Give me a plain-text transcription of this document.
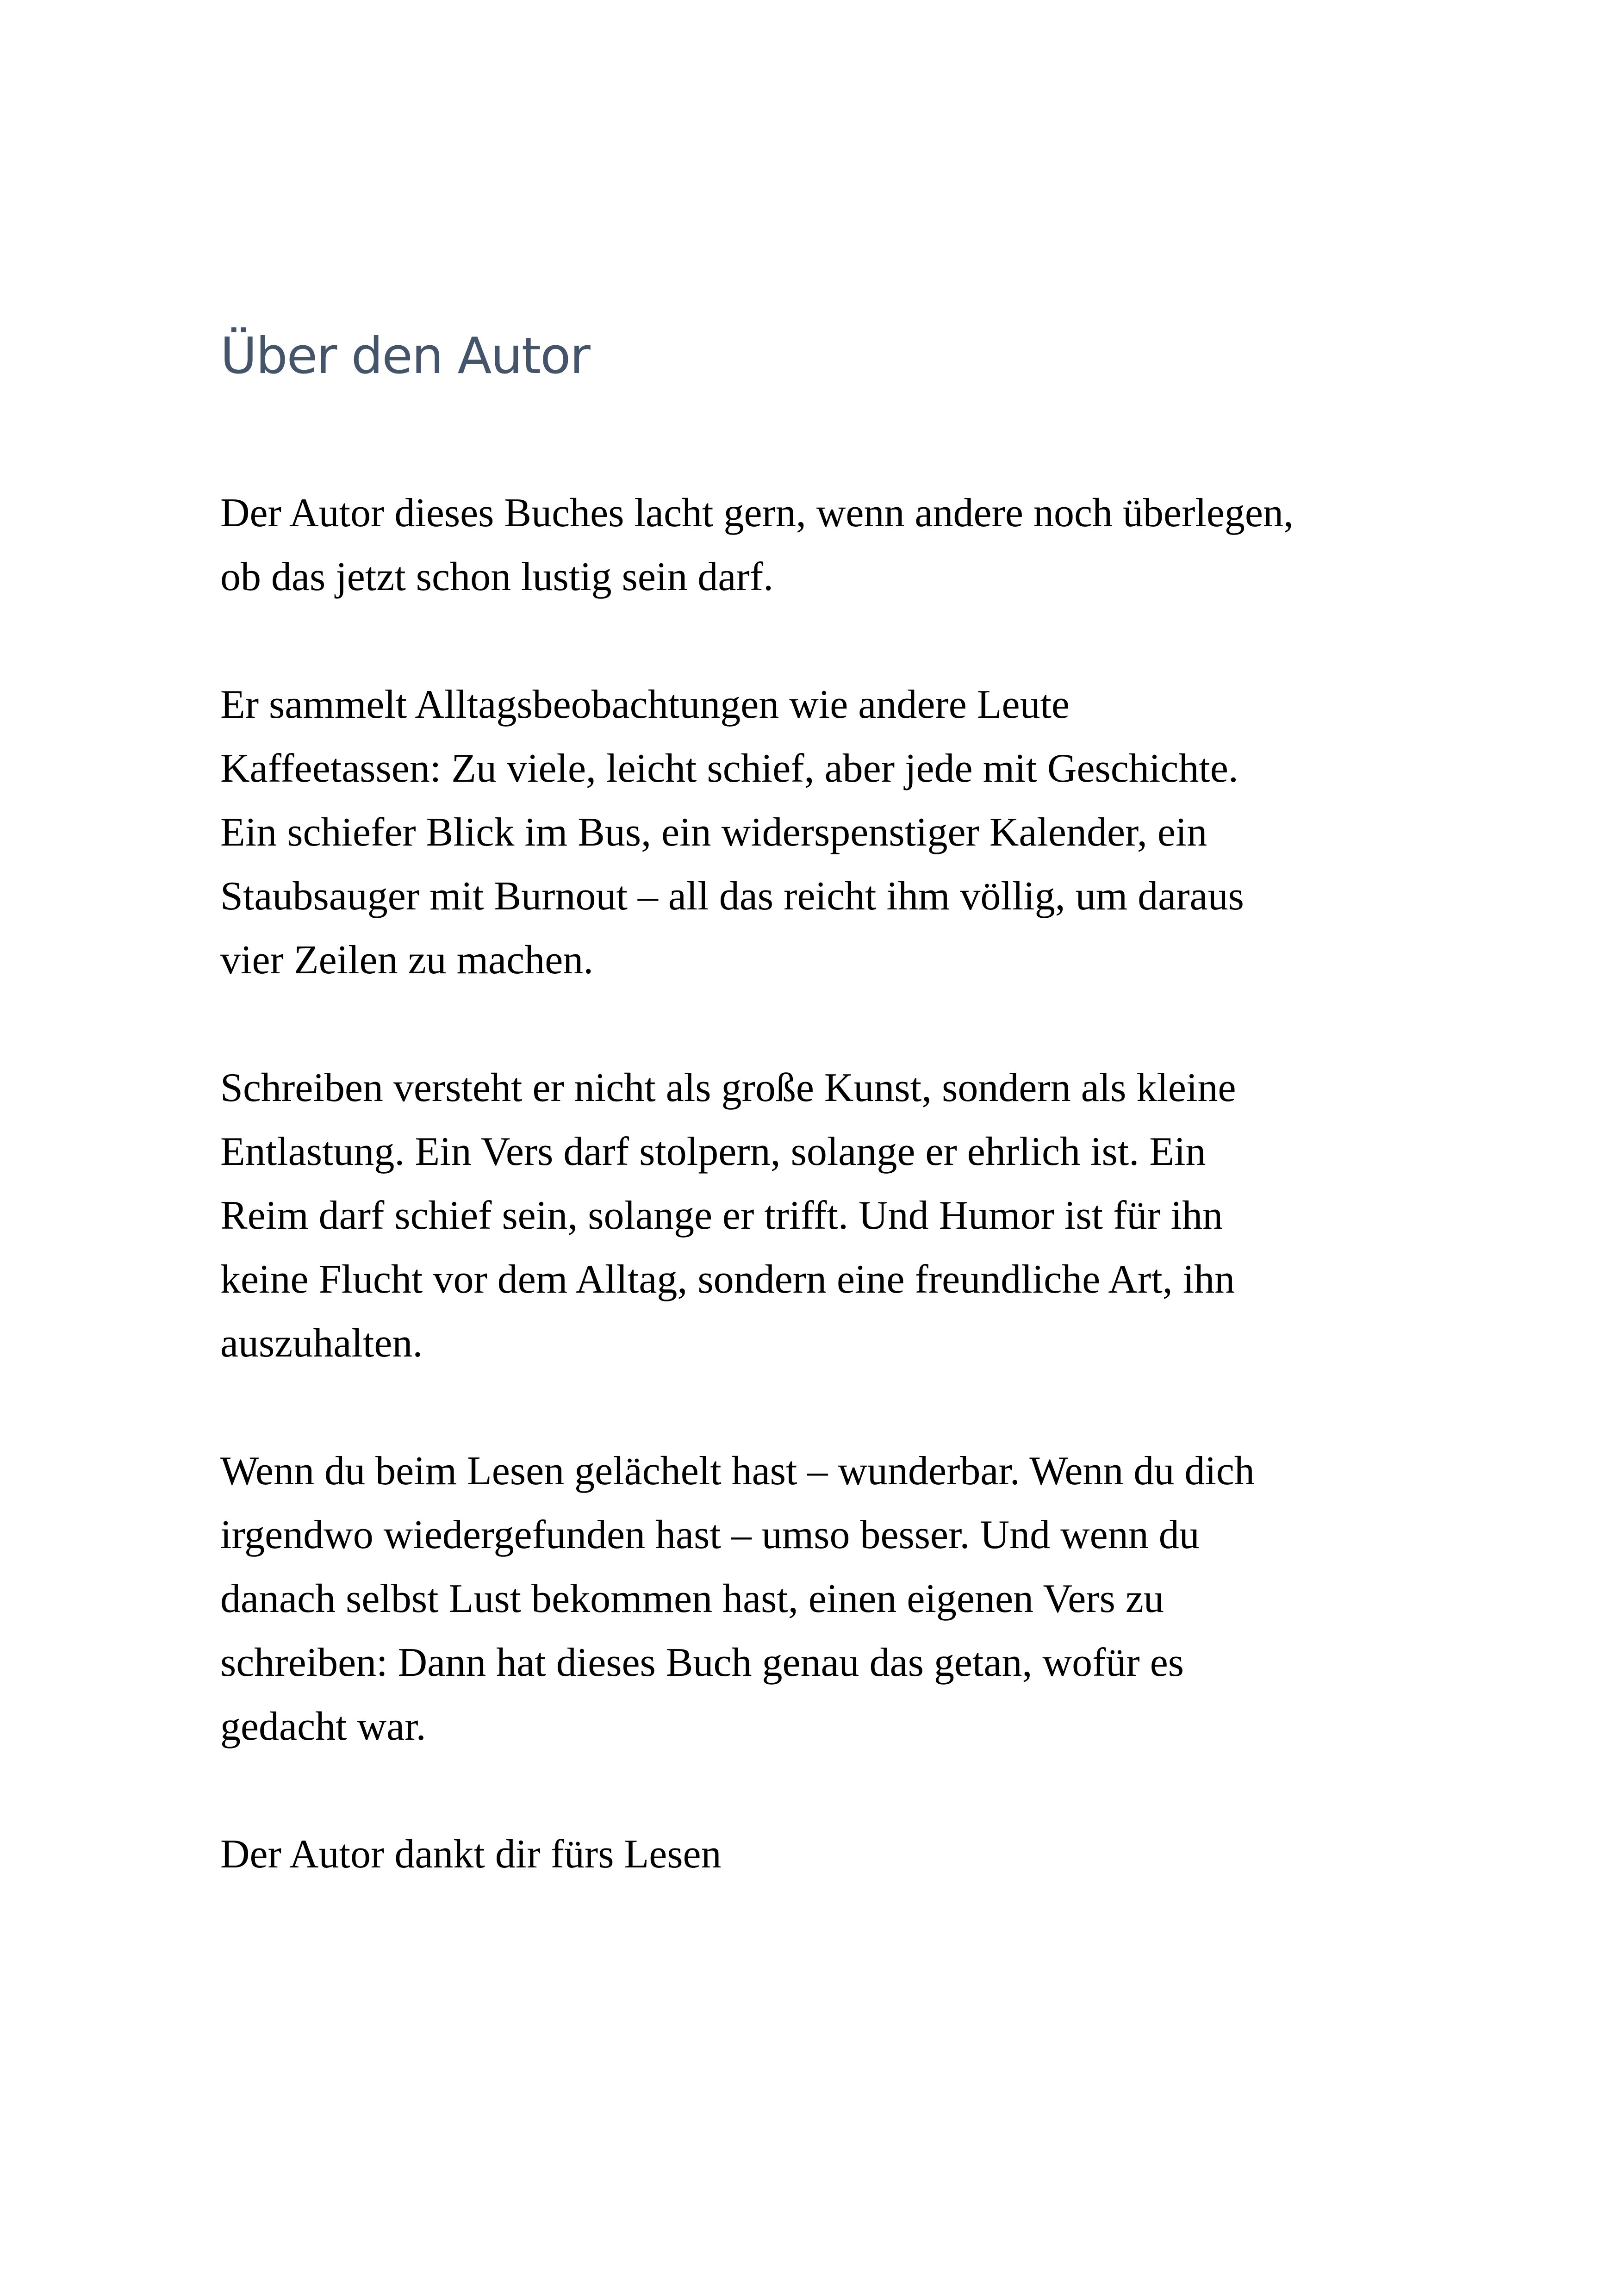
Über den Autor

Der Autor dieses Buches lacht gern, wenn andere noch überlegen,
ob das jetzt schon lustig sein darf.

Er sammelt Alltagsbeobachtungen wie andere Leute
Kaffeetassen: Zu viele, leicht schief, aber jede mit Geschichte.
Ein schiefer Blick im Bus, ein widerspenstiger Kalender, ein
Staubsauger mit Burnout – all das reicht ihm völlig, um daraus
vier Zeilen zu machen.

Schreiben versteht er nicht als große Kunst, sondern als kleine
Entlastung. Ein Vers darf stolpern, solange er ehrlich ist. Ein
Reim darf schief sein, solange er trifft. Und Humor ist für ihn
keine Flucht vor dem Alltag, sondern eine freundliche Art, ihn
auszuhalten.

Wenn du beim Lesen gelächelt hast – wunderbar. Wenn du dich
irgendwo wiedergefunden hast – umso besser. Und wenn du
danach selbst Lust bekommen hast, einen eigenen Vers zu
schreiben: Dann hat dieses Buch genau das getan, wofür es
gedacht war.

Der Autor dankt dir fürs Lesen
